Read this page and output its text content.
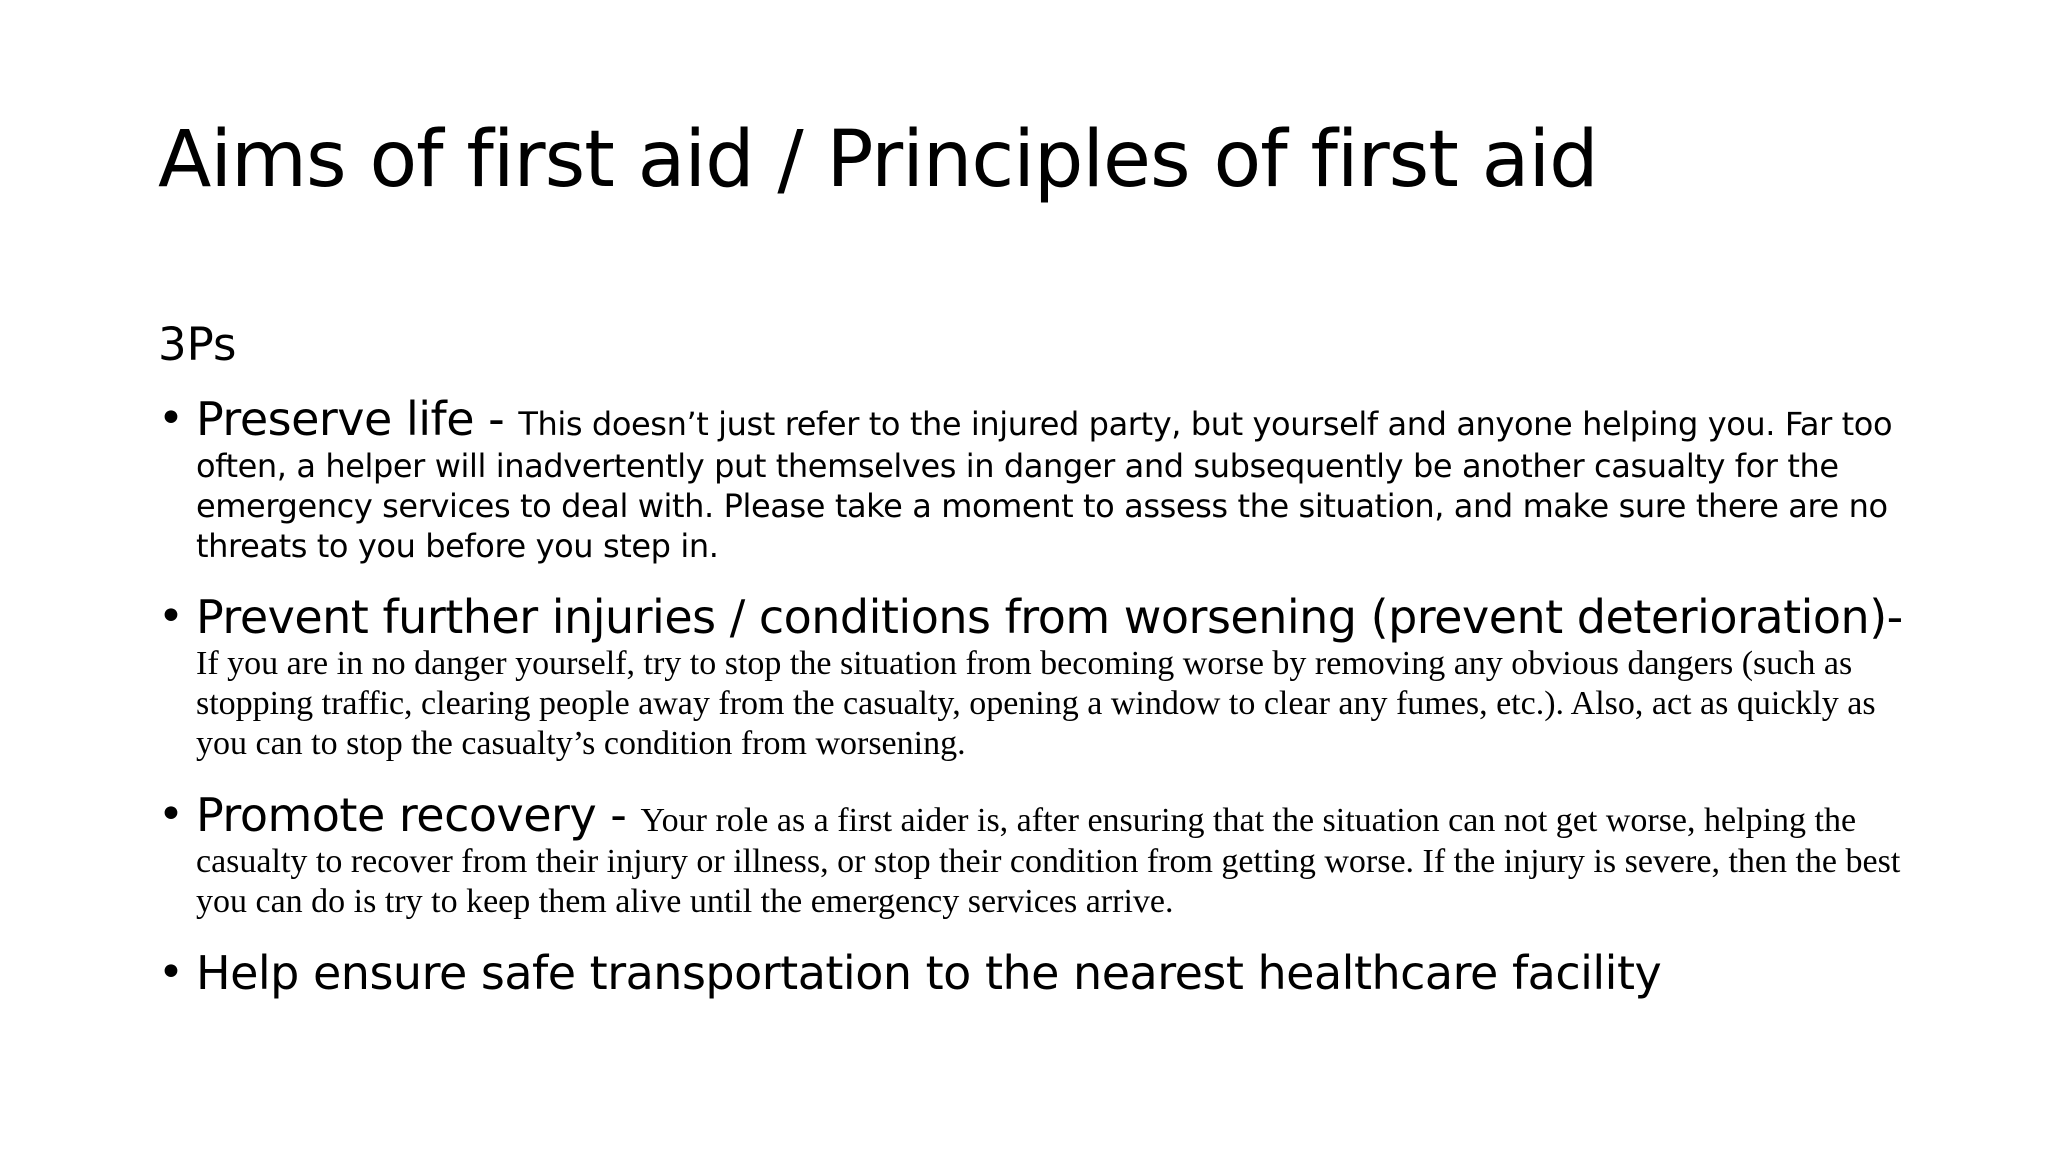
Aims of first aid / Principles of first aid
3Ps
• Preserve life - This doesn’t just refer to the injured party, but yourself and anyone helping you. Far too often, a helper will inadvertently put themselves in danger and subsequently be another casualty for the emergency services to deal with. Please take a moment to assess the situation, and make sure there are no threats to you before you step in.
• Prevent further injuries / conditions from worsening (prevent deterioration)- If you are in no danger yourself, try to stop the situation from becoming worse by removing any obvious dangers (such as stopping traffic, clearing people away from the casualty, opening a window to clear any fumes, etc.). Also, act as quickly as you can to stop the casualty’s condition from worsening.
• Promote recovery - Your role as a first aider is, after ensuring that the situation can not get worse, helping the casualty to recover from their injury or illness, or stop their condition from getting worse. If the injury is severe, then the best you can do is try to keep them alive until the emergency services arrive.
• Help ensure safe transportation to the nearest healthcare facility
